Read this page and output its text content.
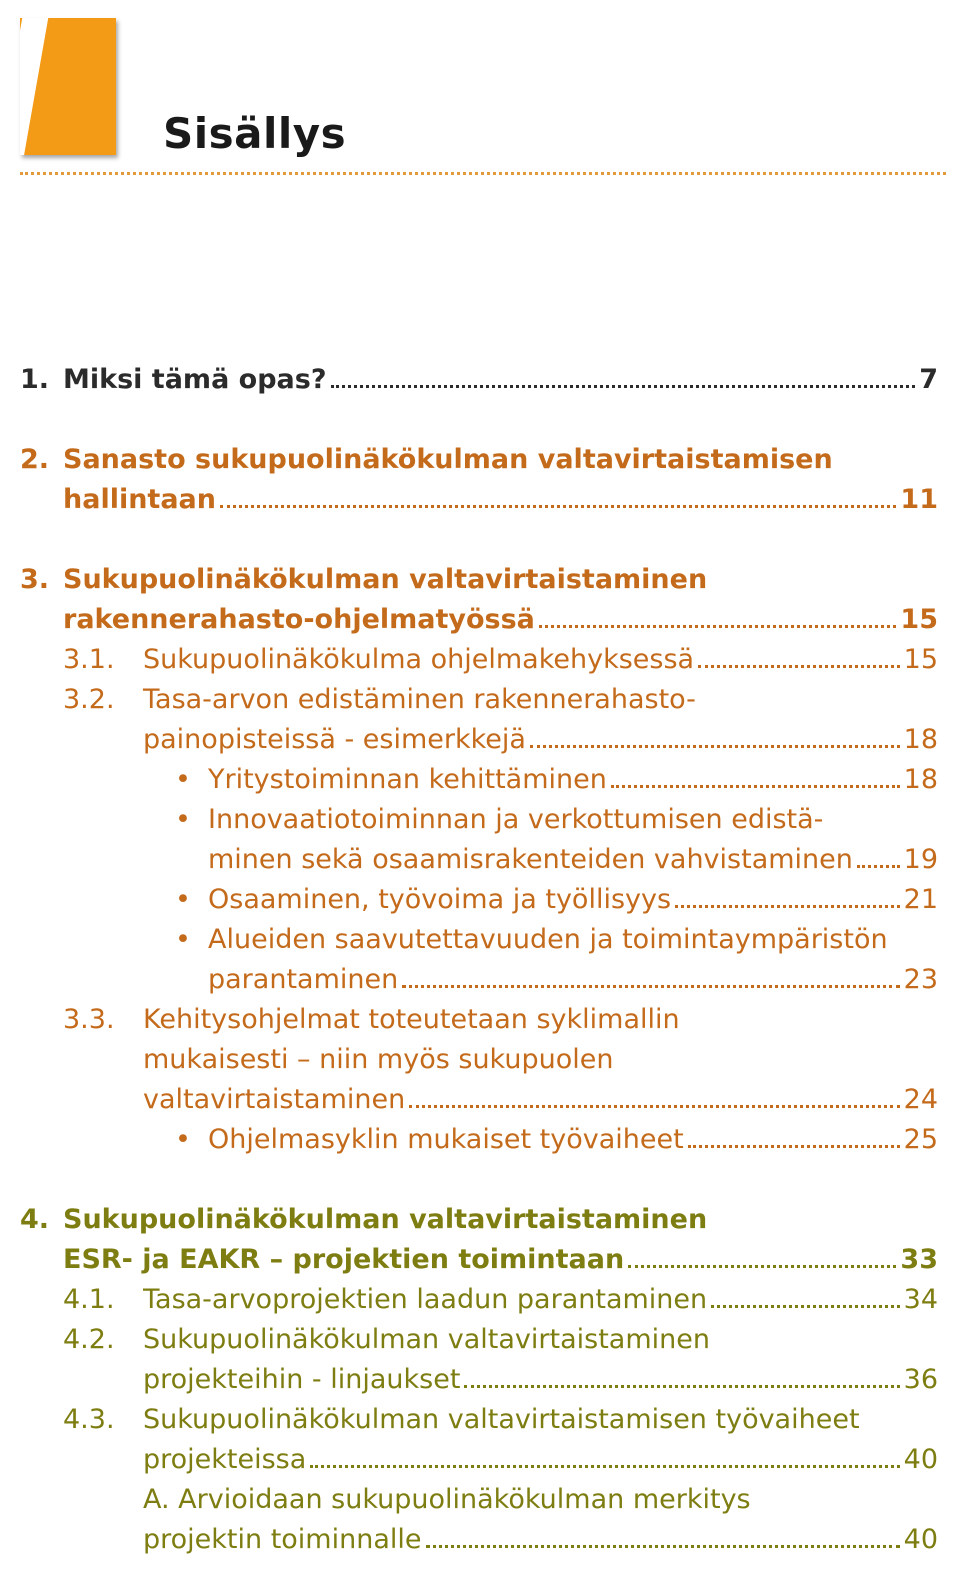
Sisällys
1. Miksi tämä opas?	7
2. Sanasto sukupuolinäkökulman valtavirtaistamisen
hallintaan	11
3. Sukupuolinäkökulman valtavirtaistaminen
rakennerahasto-ohjelmatyössä	15
3.1. Sukupuolinäkökulma ohjelmakehyksessä	15
3.2. Tasa-arvon edistäminen rakennerahasto-
painopisteissä - esimerkkejä	18
• Yritystoiminnan kehittäminen	18
• Innovaatiotoiminnan ja verkottumisen edistä-
minen sekä osaamisrakenteiden vahvistaminen 19
• Osaaminen, työvoima ja työllisyys	21
• Alueiden saavutettavuuden ja toimintaympäristön
parantaminen	23
3.3. Kehitysohjelmat toteutetaan syklimallin
mukaisesti – niin myös sukupuolen
valtavirtaistaminen	24
• Ohjelmasyklin mukaiset työvaiheet	25
4. Sukupuolinäkökulman valtavirtaistaminen
ESR- ja EAKR – projektien toimintaan	33
4.1. Tasa-arvoprojektien laadun parantaminen	34
4.2. Sukupuolinäkökulman valtavirtaistaminen
projekteihin - linjaukset	36
4.3. Sukupuolinäkökulman valtavirtaistamisen työvaiheet
projekteissa	40
A. Arvioidaan sukupuolinäkökulman merkitys
projektin toiminnalle	40
